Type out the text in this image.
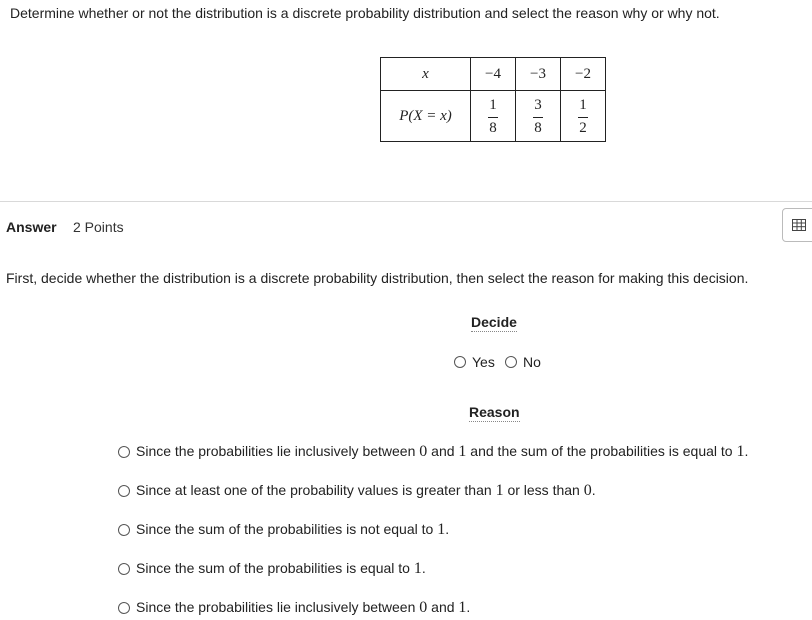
Determine whether or not the distribution is a discrete probability distribution and select the reason why or why not.
x	−4	−3	−2
P(X = x)	$\frac{1}{8}$	$\frac{3}{8}$	$\frac{1}{2}$
Answer 2 Points
First, decide whether the distribution is a discrete probability distribution, then select the reason for making this decision.
Decide
Yes No
Reason
Since the probabilities lie inclusively between 0 and 1 and the sum of the probabilities is equal to 1.
Since at least one of the probability values is greater than 1 or less than 0.
Since the sum of the probabilities is not equal to 1.
Since the sum of the probabilities is equal to 1.
Since the probabilities lie inclusively between 0 and 1.
